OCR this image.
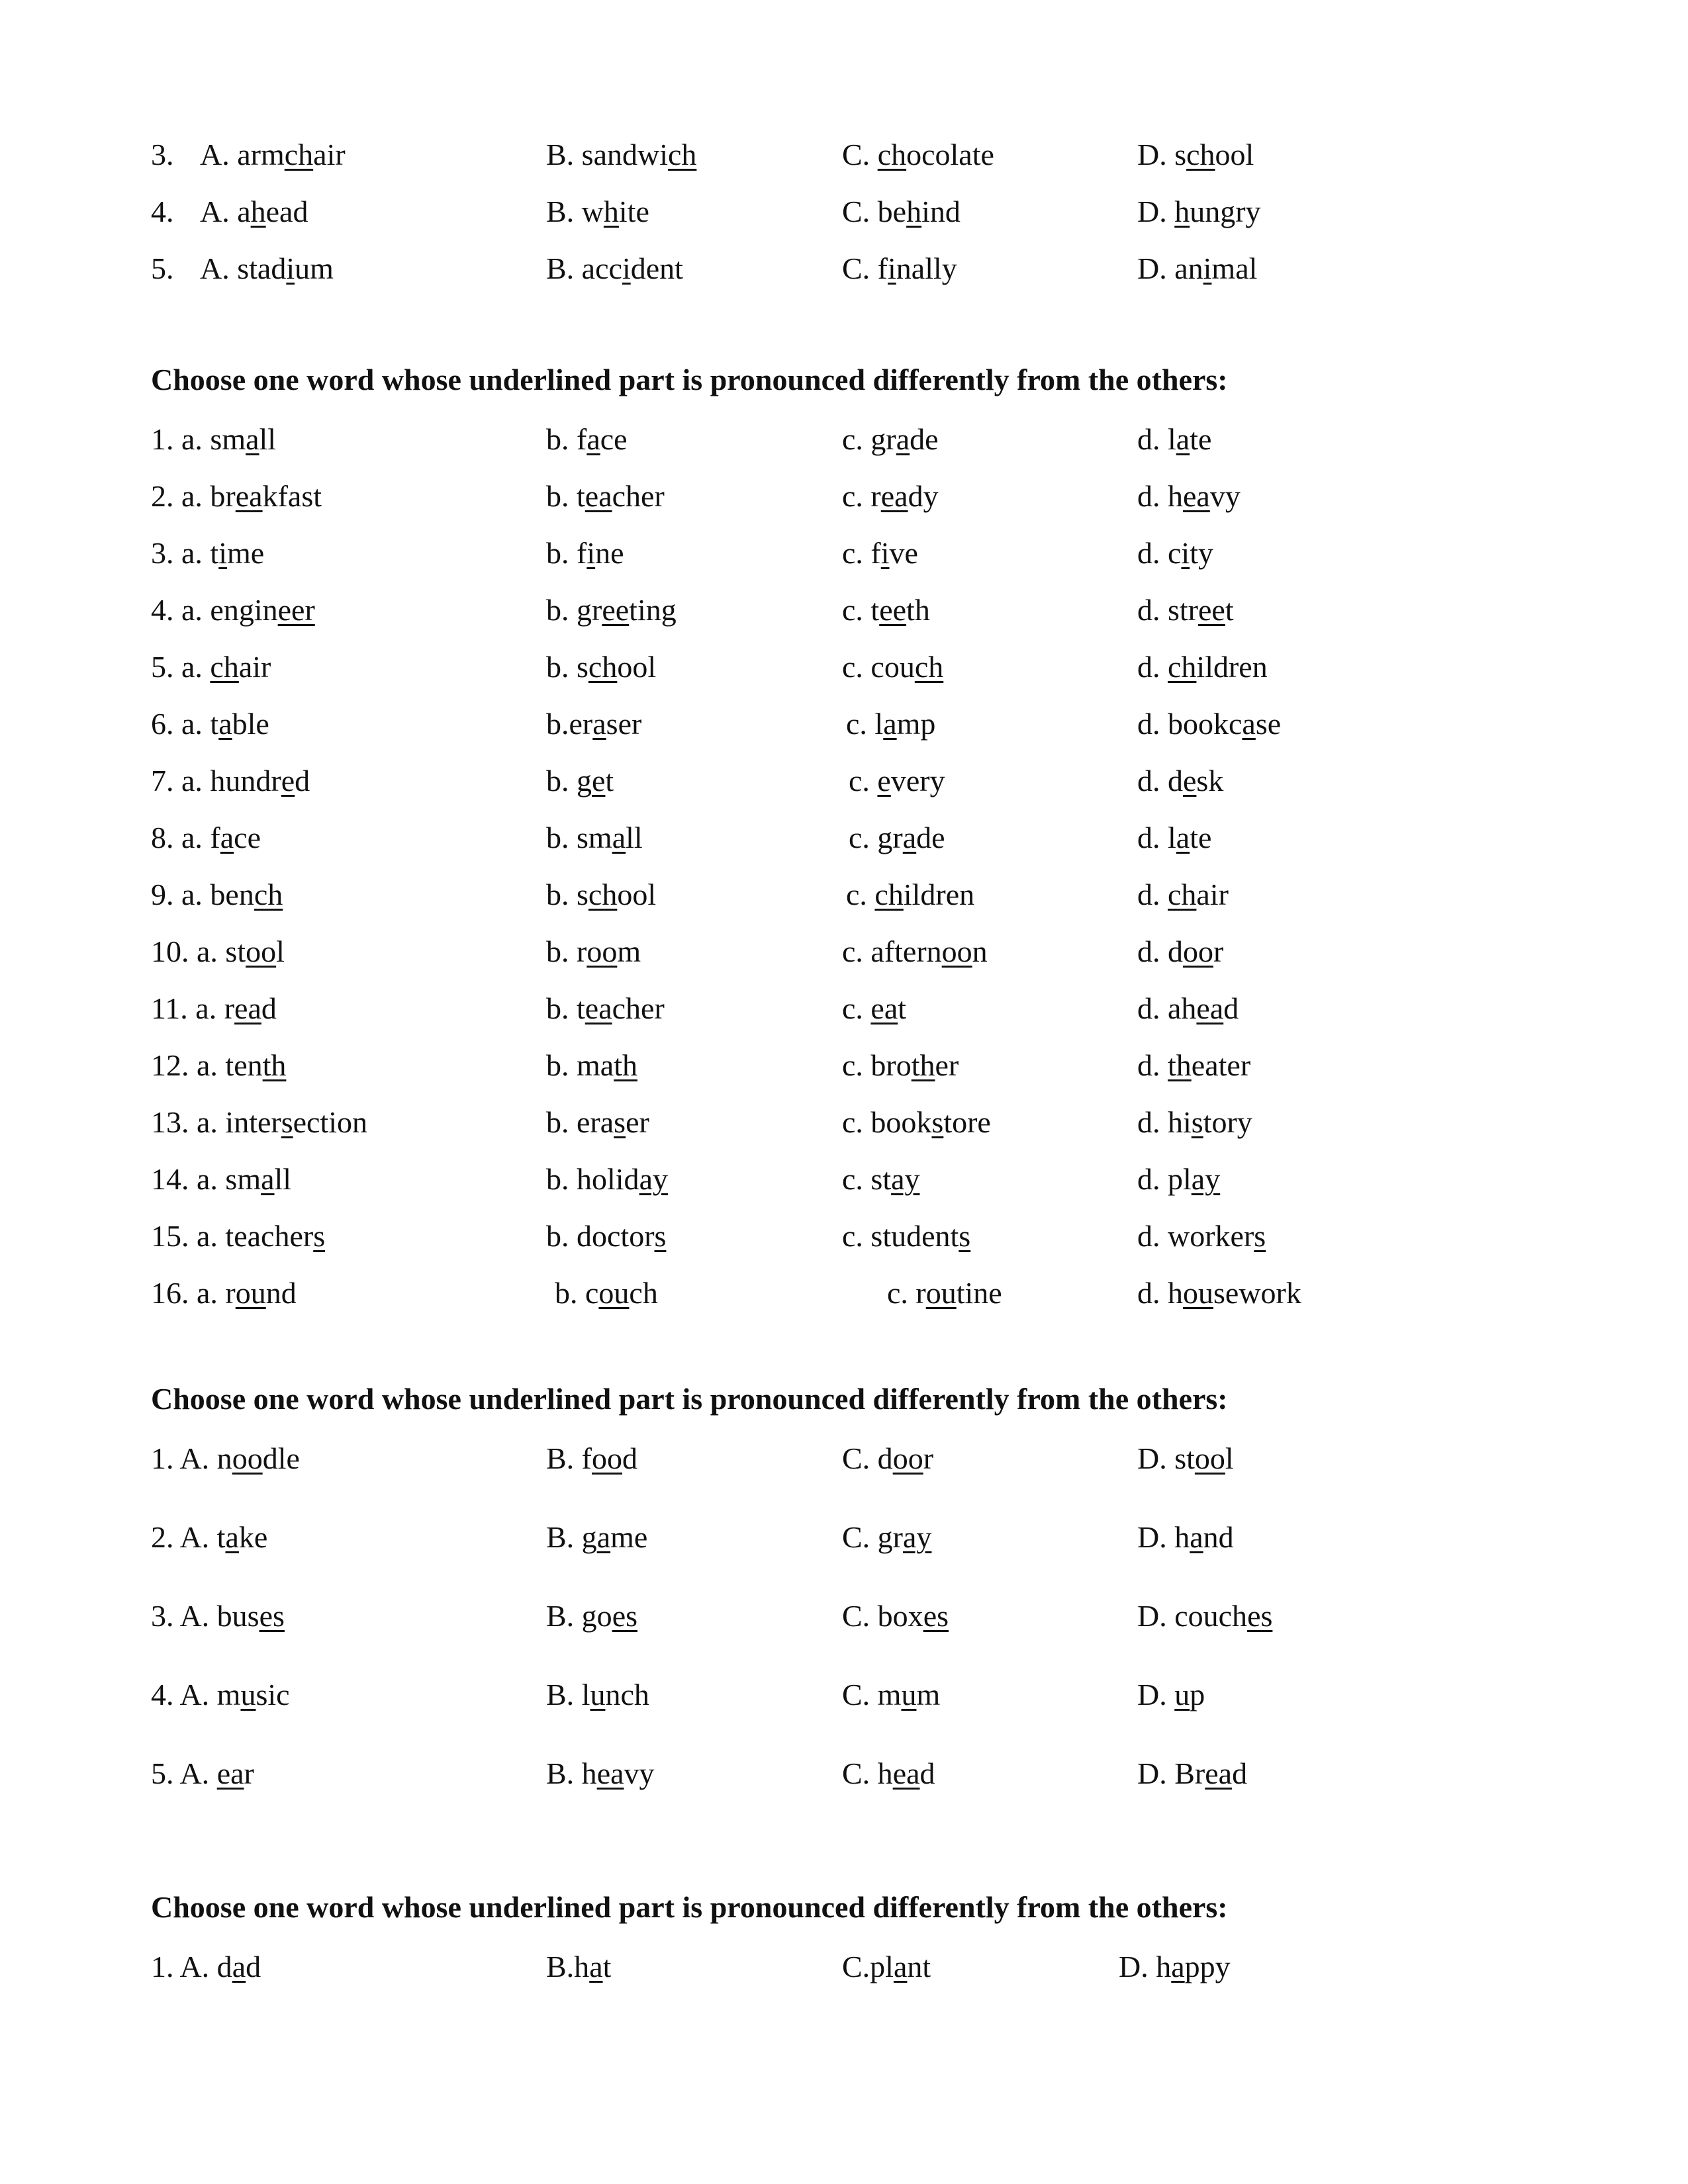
3. A. armchair	B. sandwich	C. chocolate	D. school
4. A. ahead	B. white	C. behind	D. hungry
5. A. stadium	B. accident	C. finally	D. animal
Choose one word whose underlined part is pronounced differently from the others:
1. a. small	b. face	c. grade	d. late
2. a. breakfast	b. teacher	c. ready	d. heavy
3. a. time	b. fine	c. five	d. city
4. a. engineer	b. greeting	c. teeth	d. street
5. a. chair	b. school	c. couch	d. children
6. a. table	b.eraser	c. lamp	d. bookcase
7. a. hundred	b. get	c. every	d. desk
8. a. face	b. small	c. grade	d. late
9. a. bench	b. school	c. children	d. chair
10. a. stool	b. room	c. afternoon	d. door
11. a. read	b. teacher	c. eat	d. ahead
12. a. tenth	b. math	c. brother	d. theater
13. a. intersection	b. eraser	c. bookstore	d. history
14. a. small	b. holiday	c. stay	d. play
15. a. teachers	b. doctors	c. students	d. workers
16. a. round	b. couch	c. routine	d. housework
Choose one word whose underlined part is pronounced differently from the others:
1. A. noodle	B. food	C. door	D. stool
2. A. take	B. game	C. gray	D. hand
3. A. buses	B. goes	C. boxes	D. couches
4. A. music	B. lunch	C. mum	D. up
5. A. ear	B. heavy	C. head	D. Bread
Choose one word whose underlined part is pronounced differently from the others:
1. A. dad	B.hat	C.plant	D. happy
